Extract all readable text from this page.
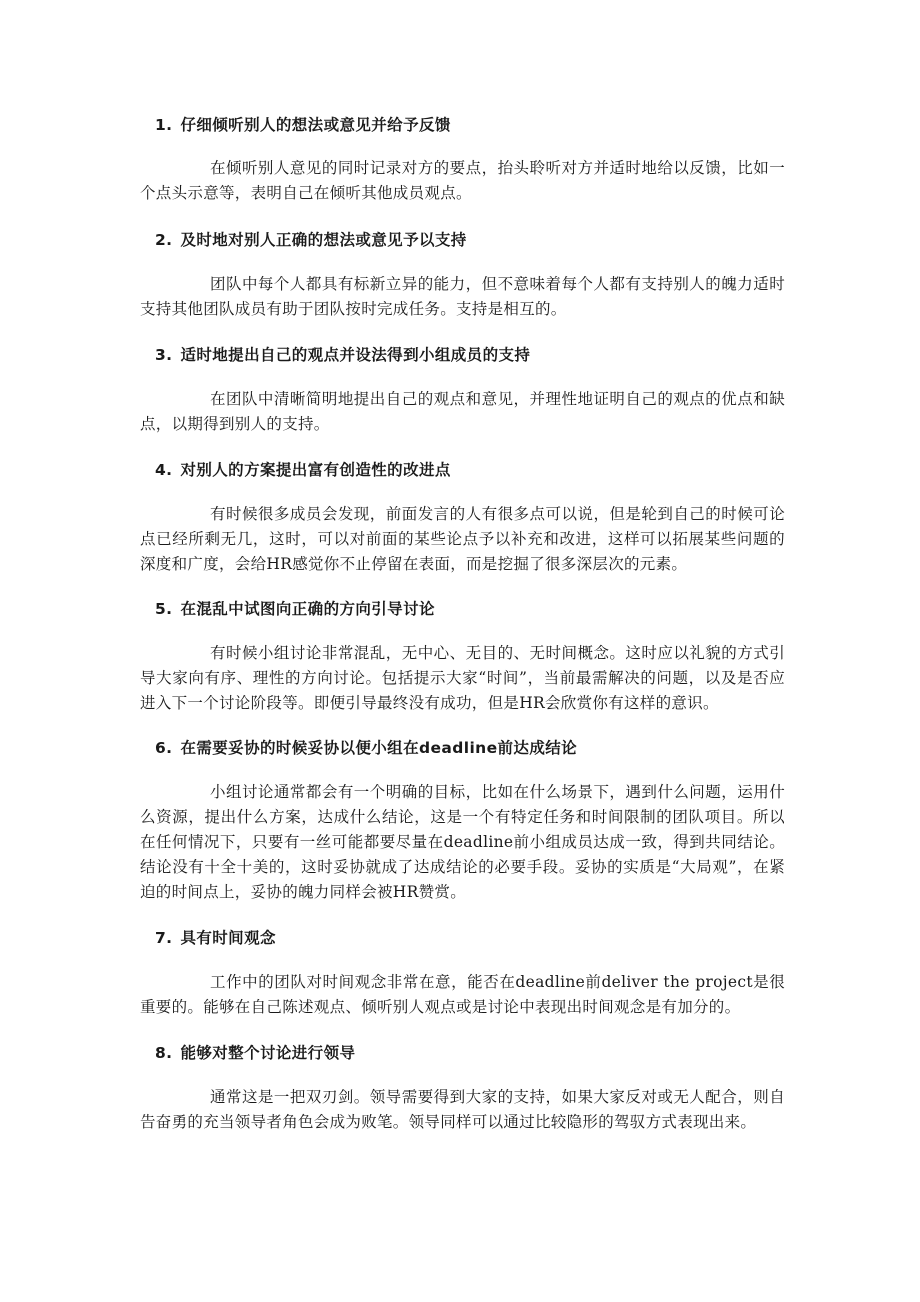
1. 仔细倾听别人的想法或意见并给予反馈

在倾听别人意见的同时记录对方的要点，抬头聆听对方并适时地给以反馈，比如一个点头示意等，表明自己在倾听其他成员观点。

2. 及时地对别人正确的想法或意见予以支持

团队中每个人都具有标新立异的能力，但不意味着每个人都有支持别人的魄力适时支持其他团队成员有助于团队按时完成任务。支持是相互的。

3. 适时地提出自己的观点并设法得到小组成员的支持

在团队中清晰简明地提出自己的观点和意见，并理性地证明自己的观点的优点和缺点，以期得到别人的支持。

4. 对别人的方案提出富有创造性的改进点

有时候很多成员会发现，前面发言的人有很多点可以说，但是轮到自己的时候可论点已经所剩无几，这时，可以对前面的某些论点予以补充和改进，这样可以拓展某些问题的深度和广度，会给HR感觉你不止停留在表面，而是挖掘了很多深层次的元素。

5. 在混乱中试图向正确的方向引导讨论

有时候小组讨论非常混乱，无中心、无目的、无时间概念。这时应以礼貌的方式引导大家向有序、理性的方向讨论。包括提示大家“时间”，当前最需解决的问题，以及是否应进入下一个讨论阶段等。即便引导最终没有成功，但是HR会欣赏你有这样的意识。

6. 在需要妥协的时候妥协以便小组在deadline前达成结论

小组讨论通常都会有一个明确的目标，比如在什么场景下，遇到什么问题，运用什么资源，提出什么方案，达成什么结论，这是一个有特定任务和时间限制的团队项目。所以在任何情况下，只要有一丝可能都要尽量在deadline前小组成员达成一致，得到共同结论。结论没有十全十美的，这时妥协就成了达成结论的必要手段。妥协的实质是“大局观”，在紧迫的时间点上，妥协的魄力同样会被HR赞赏。

7. 具有时间观念

工作中的团队对时间观念非常在意，能否在deadline前deliver the project是很重要的。能够在自己陈述观点、倾听别人观点或是讨论中表现出时间观念是有加分的。

8. 能够对整个讨论进行领导

通常这是一把双刃剑。领导需要得到大家的支持，如果大家反对或无人配合，则自告奋勇的充当领导者角色会成为败笔。领导同样可以通过比较隐形的驾驭方式表现出来。
